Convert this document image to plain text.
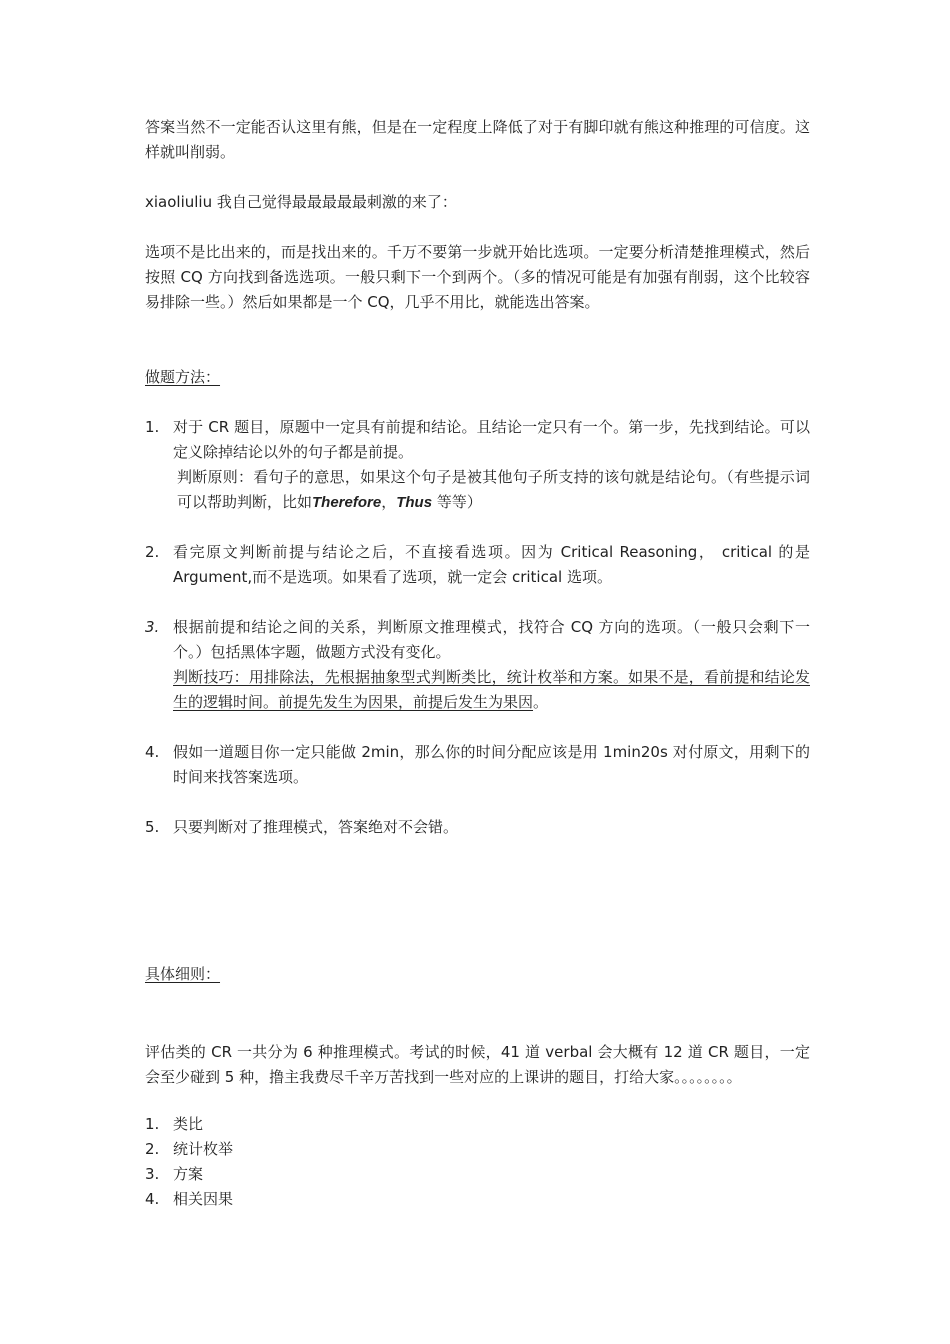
答案当然不一定能否认这里有熊，但是在一定程度上降低了对于有脚印就有熊这种推理的可信度。这样就叫削弱。

xiaoliuliu 我自己觉得最最最最最刺激的来了：

选项不是比出来的，而是找出来的。千万不要第一步就开始比选项。一定要分析清楚推理模式，然后按照 CQ 方向找到备选选项。一般只剩下一个到两个。（多的情况可能是有加强有削弱，这个比较容易排除一些。）然后如果都是一个 CQ，几乎不用比，就能选出答案。

做题方法：

1. 对于 CR 题目，原题中一定具有前提和结论。且结论一定只有一个。第一步，先找到结论。可以定义除掉结论以外的句子都是前提。
判断原则：看句子的意思，如果这个句子是被其他句子所支持的该句就是结论句。（有些提示词可以帮助判断，比如Therefore，Thus 等等）
2. 看完原文判断前提与结论之后，不直接看选项。因为 Critical Reasoning， critical 的是 Argument,而不是选项。如果看了选项，就一定会 critical 选项。
3. 根据前提和结论之间的关系，判断原文推理模式，找符合 CQ 方向的选项。（一般只会剩下一个。）包括黑体字题，做题方式没有变化。
判断技巧：用排除法，先根据抽象型式判断类比，统计枚举和方案。如果不是，看前提和结论发生的逻辑时间。前提先发生为因果，前提后发生为果因。
4. 假如一道题目你一定只能做 2min，那么你的时间分配应该是用 1min20s 对付原文，用剩下的时间来找答案选项。
5. 只要判断对了推理模式，答案绝对不会错。

具体细则：

评估类的 CR 一共分为 6 种推理模式。考试的时候，41 道 verbal 会大概有 12 道 CR 题目，一定会至少碰到 5 种，撸主我费尽千辛万苦找到一些对应的上课讲的题目，打给大家。。。。。。。。

1. 类比
2. 统计枚举
3. 方案
4. 相关因果
